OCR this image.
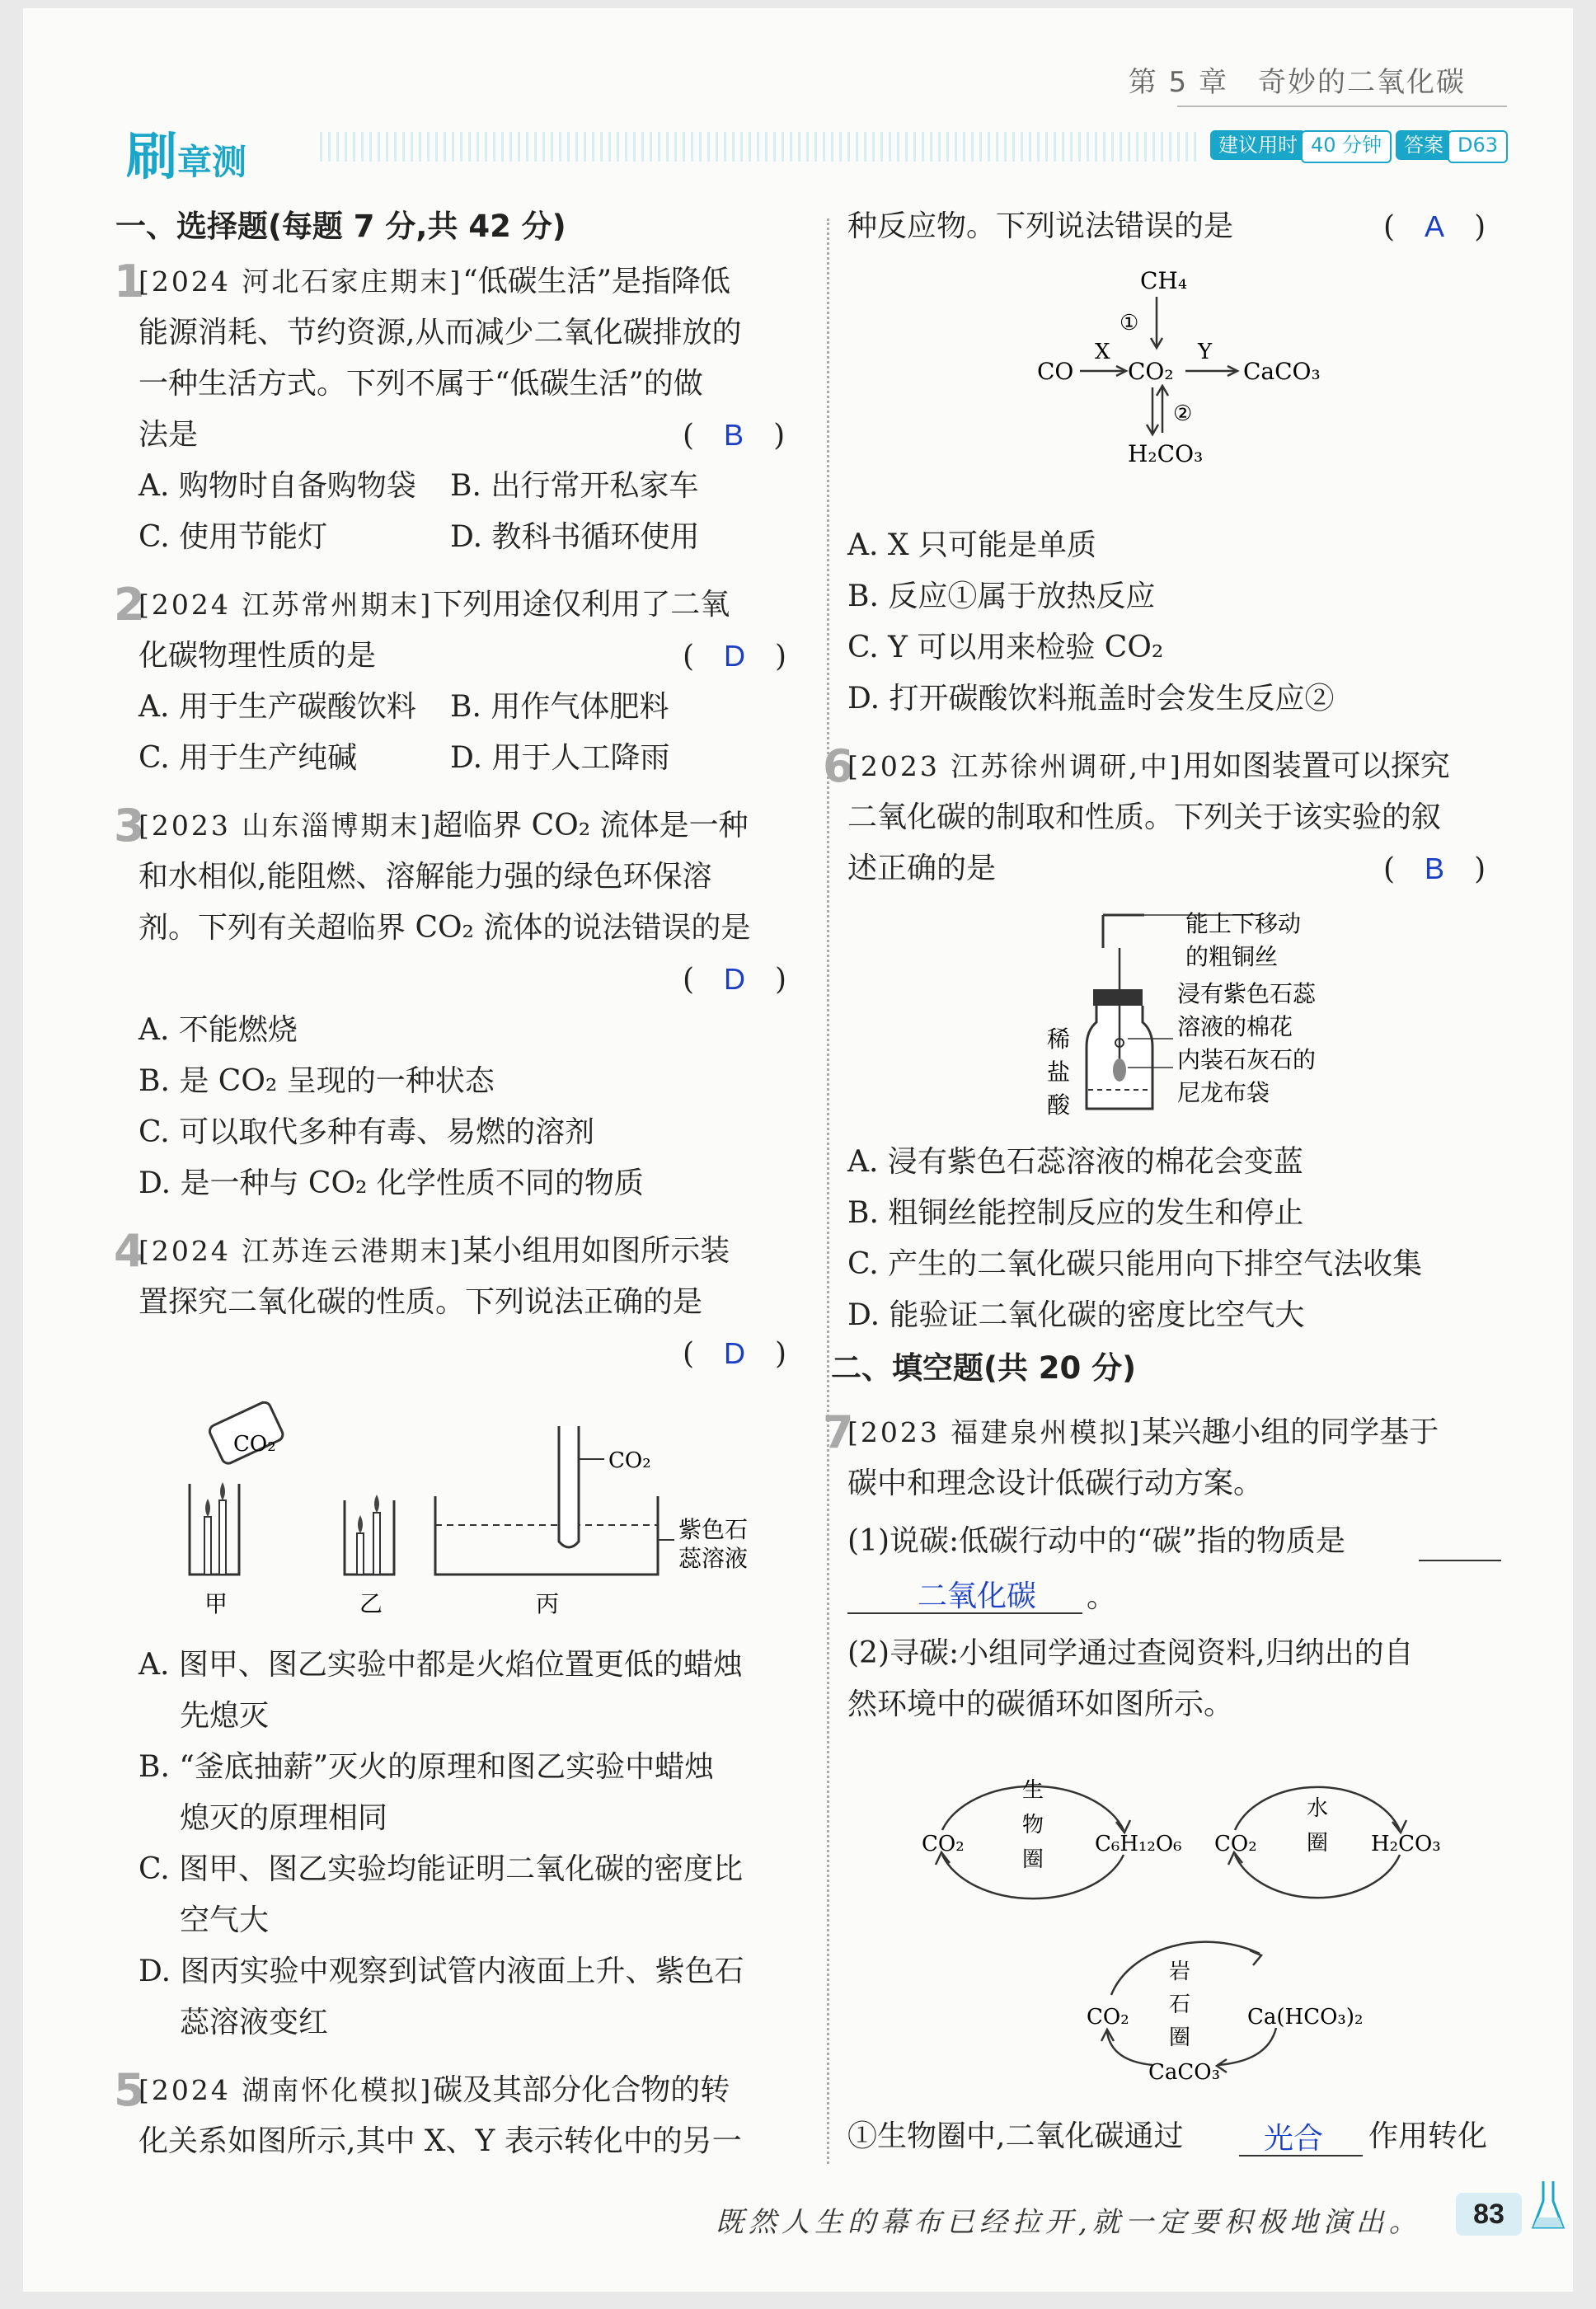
第 5 章　奇妙的二氧化碳
刷章测	建议用时 40 分钟	答案 D63
一、选择题(每题 7 分,共 42 分)
1
[2024 河北石家庄期末]“低碳生活”是指降低
能源消耗、节约资源,从而减少二氧化碳排放的
一种生活方式。下列不属于“低碳生活”的做
法是	(　B　)
A. 购物时自备购物袋 B. 出行常开私家车
C. 使用节能灯	D. 教科书循环使用
2
[2024 江苏常州期末]下列用途仅利用了二氧
化碳物理性质的是	(　D　)
A. 用于生产碳酸饮料 B. 用作气体肥料
C. 用于生产纯碱	D. 用于人工降雨
3
[2023 山东淄博期末]超临界 CO₂ 流体是一种
和水相似,能阻燃、溶解能力强的绿色环保溶
剂。下列有关超临界 CO₂ 流体的说法错误的是
(　D　)
A. 不能燃烧
B. 是 CO₂ 呈现的一种状态
C. 可以取代多种有毒、易燃的溶剂
D. 是一种与 CO₂ 化学性质不同的物质
4
[2024 江苏连云港期末]某小组用如图所示装
置探究二氧化碳的性质。下列说法正确的是
(　D　)
CO₂
CO₂
紫色石
蕊溶液
甲	乙	丙
A. 图甲、图乙实验中都是火焰位置更低的蜡烛
先熄灭
B. “釜底抽薪”灭火的原理和图乙实验中蜡烛
熄灭的原理相同
C. 图甲、图乙实验均能证明二氧化碳的密度比
空气大
D. 图丙实验中观察到试管内液面上升、紫色石
蕊溶液变红
5
[2024 湖南怀化模拟]碳及其部分化合物的转
化关系如图所示,其中 X、Y 表示转化中的另一
种反应物。下列说法错误的是	(　A　)
CH₄
①
CO
X
CO₂
Y
CaCO₃
②
H₂CO₃
A. X 只可能是单质
B. 反应①属于放热反应
C. Y 可以用来检验 CO₂
D. 打开碳酸饮料瓶盖时会发生反应②
6
[2023 江苏徐州调研,中]用如图装置可以探究
二氧化碳的制取和性质。下列关于该实验的叙
述正确的是	(　B　)
能上下移动
的粗铜丝
浸有紫色石蕊
溶液的棉花
内装石灰石的
尼龙布袋
稀
盐
酸
A. 浸有紫色石蕊溶液的棉花会变蓝
B. 粗铜丝能控制反应的发生和停止
C. 产生的二氧化碳只能用向下排空气法收集
D. 能验证二氧化碳的密度比空气大
二、填空题(共 20 分)
7
[2023 福建泉州模拟]某兴趣小组的同学基于
碳中和理念设计低碳行动方案。
(1)说碳:低碳行动中的“碳”指的物质是
二氧化碳 。
(2)寻碳:小组同学通过查阅资料,归纳出的自
然环境中的碳循环如图所示。
CO₂	C₆H₁₂O₆
生
物
圈
CO₂	H₂CO₃
水
圈
CO₂	Ca(HCO₃)₂
CaCO₃
岩
石
圈
①生物圈中,二氧化碳通过	光合 作用转化
既然人生的幕布已经拉开,就一定要积极地演出。	83
